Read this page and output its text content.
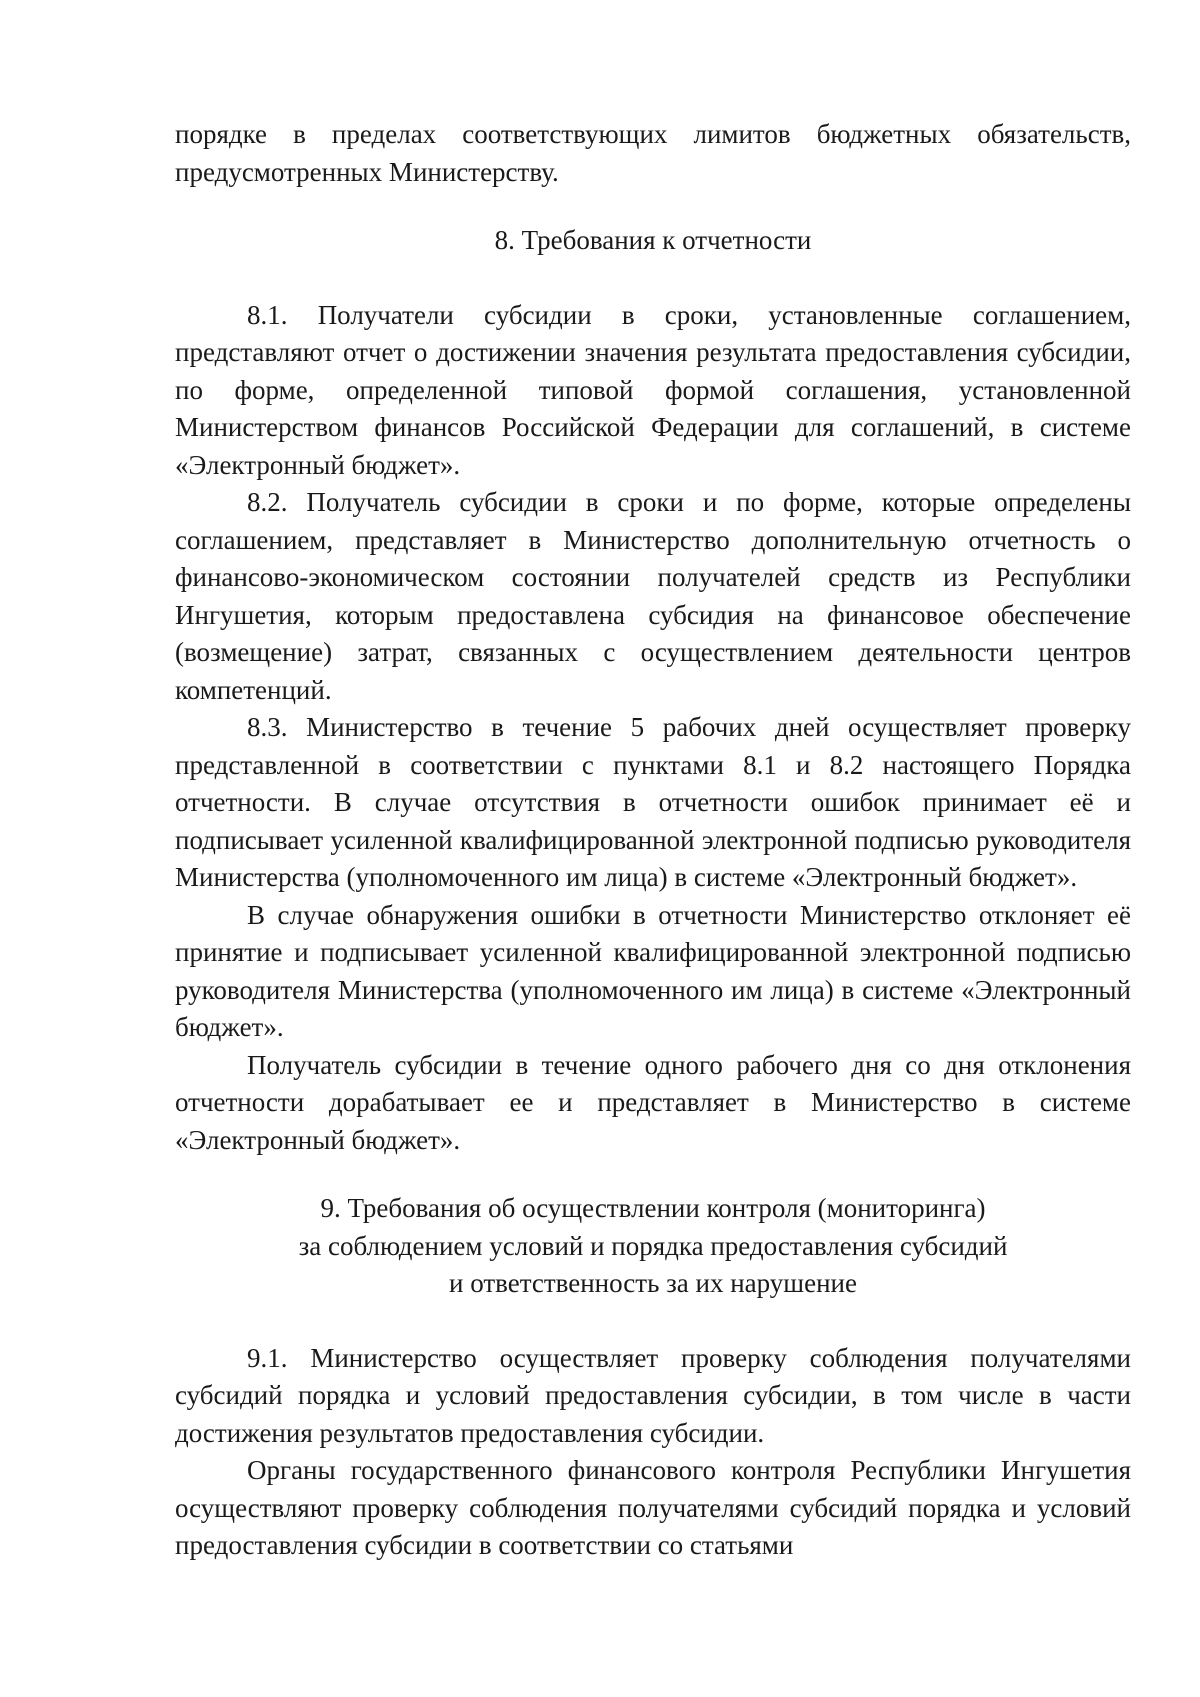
порядке в пределах соответствующих лимитов бюджетных обязательств, предусмотренных Министерству.

8. Требования к отчетности

8.1. Получатели субсидии в сроки, установленные соглашением, представляют отчет о достижении значения результата предоставления субсидии, по форме, определенной типовой формой соглашения, установленной Министерством финансов Российской Федерации для соглашений, в системе «Электронный бюджет».

8.2. Получатель субсидии в сроки и по форме, которые определены соглашением, представляет в Министерство дополнительную отчетность о финансово-экономическом состоянии получателей средств из Республики Ингушетия, которым предоставлена субсидия на финансовое обеспечение (возмещение) затрат, связанных с осуществлением деятельности центров компетенций.

8.3. Министерство в течение 5 рабочих дней осуществляет проверку представленной в соответствии с пунктами 8.1 и 8.2 настоящего Порядка отчетности. В случае отсутствия в отчетности ошибок принимает её и подписывает усиленной квалифицированной электронной подписью руководителя Министерства (уполномоченного им лица) в системе «Электронный бюджет».

В случае обнаружения ошибки в отчетности Министерство отклоняет её принятие и подписывает усиленной квалифицированной электронной подписью руководителя Министерства (уполномоченного им лица) в системе «Электронный бюджет».

Получатель субсидии в течение одного рабочего дня со дня отклонения отчетности дорабатывает ее и представляет в Министерство в системе «Электронный бюджет».

9. Требования об осуществлении контроля (мониторинга)
за соблюдением условий и порядка предоставления субсидий
и ответственность за их нарушение

9.1. Министерство осуществляет проверку соблюдения получателями субсидий порядка и условий предоставления субсидии, в том числе в части достижения результатов предоставления субсидии.

Органы государственного финансового контроля Республики Ингушетия осуществляют проверку соблюдения получателями субсидий порядка и условий предоставления субсидии в соответствии со статьями
